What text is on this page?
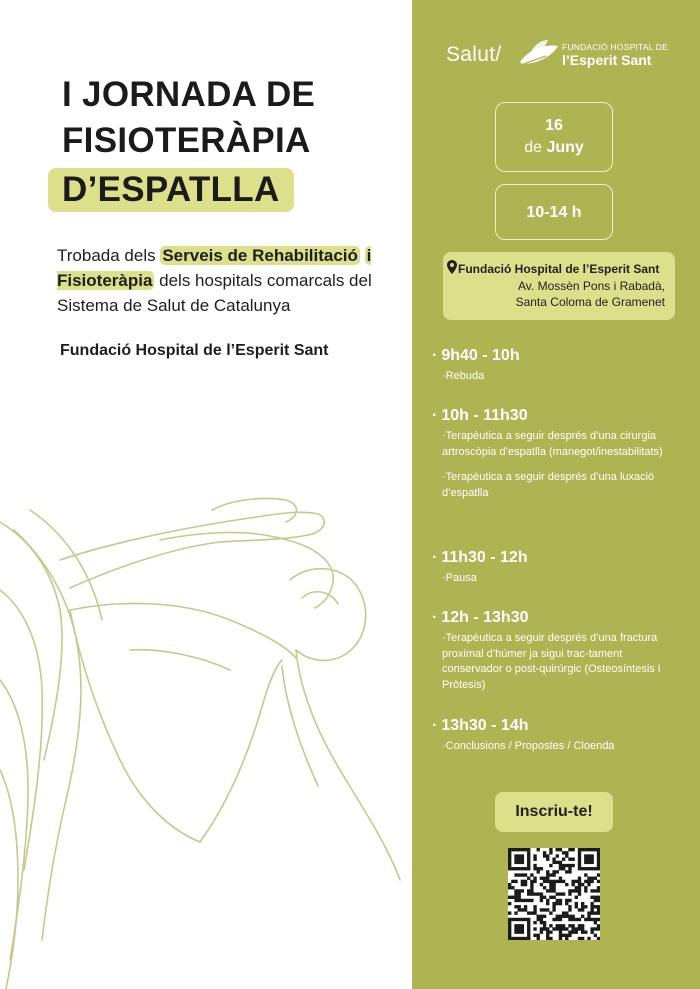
I JORNADA DE
FISIOTERÀPIA
D’ESPATLLA
Trobada dels Serveis de Rehabilitació i Fisioteràpia dels hospitals comarcals del Sistema de Salut de Catalunya
Fundació Hospital de l’Esperit Sant
Salut/	FUNDACIÓ HOSPITAL DE
l’Esperit Sant
16
de Juny
10-14 h
Fundació Hospital de l’Esperit Sant
Av. Mossèn Pons i Rabadà,
Santa Coloma de Gramenet
· 9h40 - 10h

·Rebuda

· 10h - 11h30

·Terapèutica a seguir després d’una cirurgia artroscòpia d’espatlla (manegot/inestabilitats)

·Terapèutica a seguir després d’una luxació d’espatlla

· 11h30 - 12h

·Pausa

· 12h - 13h30

·Terapèutica a seguir després d’una fractura proximal d’húmer ja sigui trac-tament conservador o post-quirúrgic (Osteosíntesis i Pròtesis)

· 13h30 - 14h

·Conclusions / Propostes / Cloenda

Inscriu-te!
